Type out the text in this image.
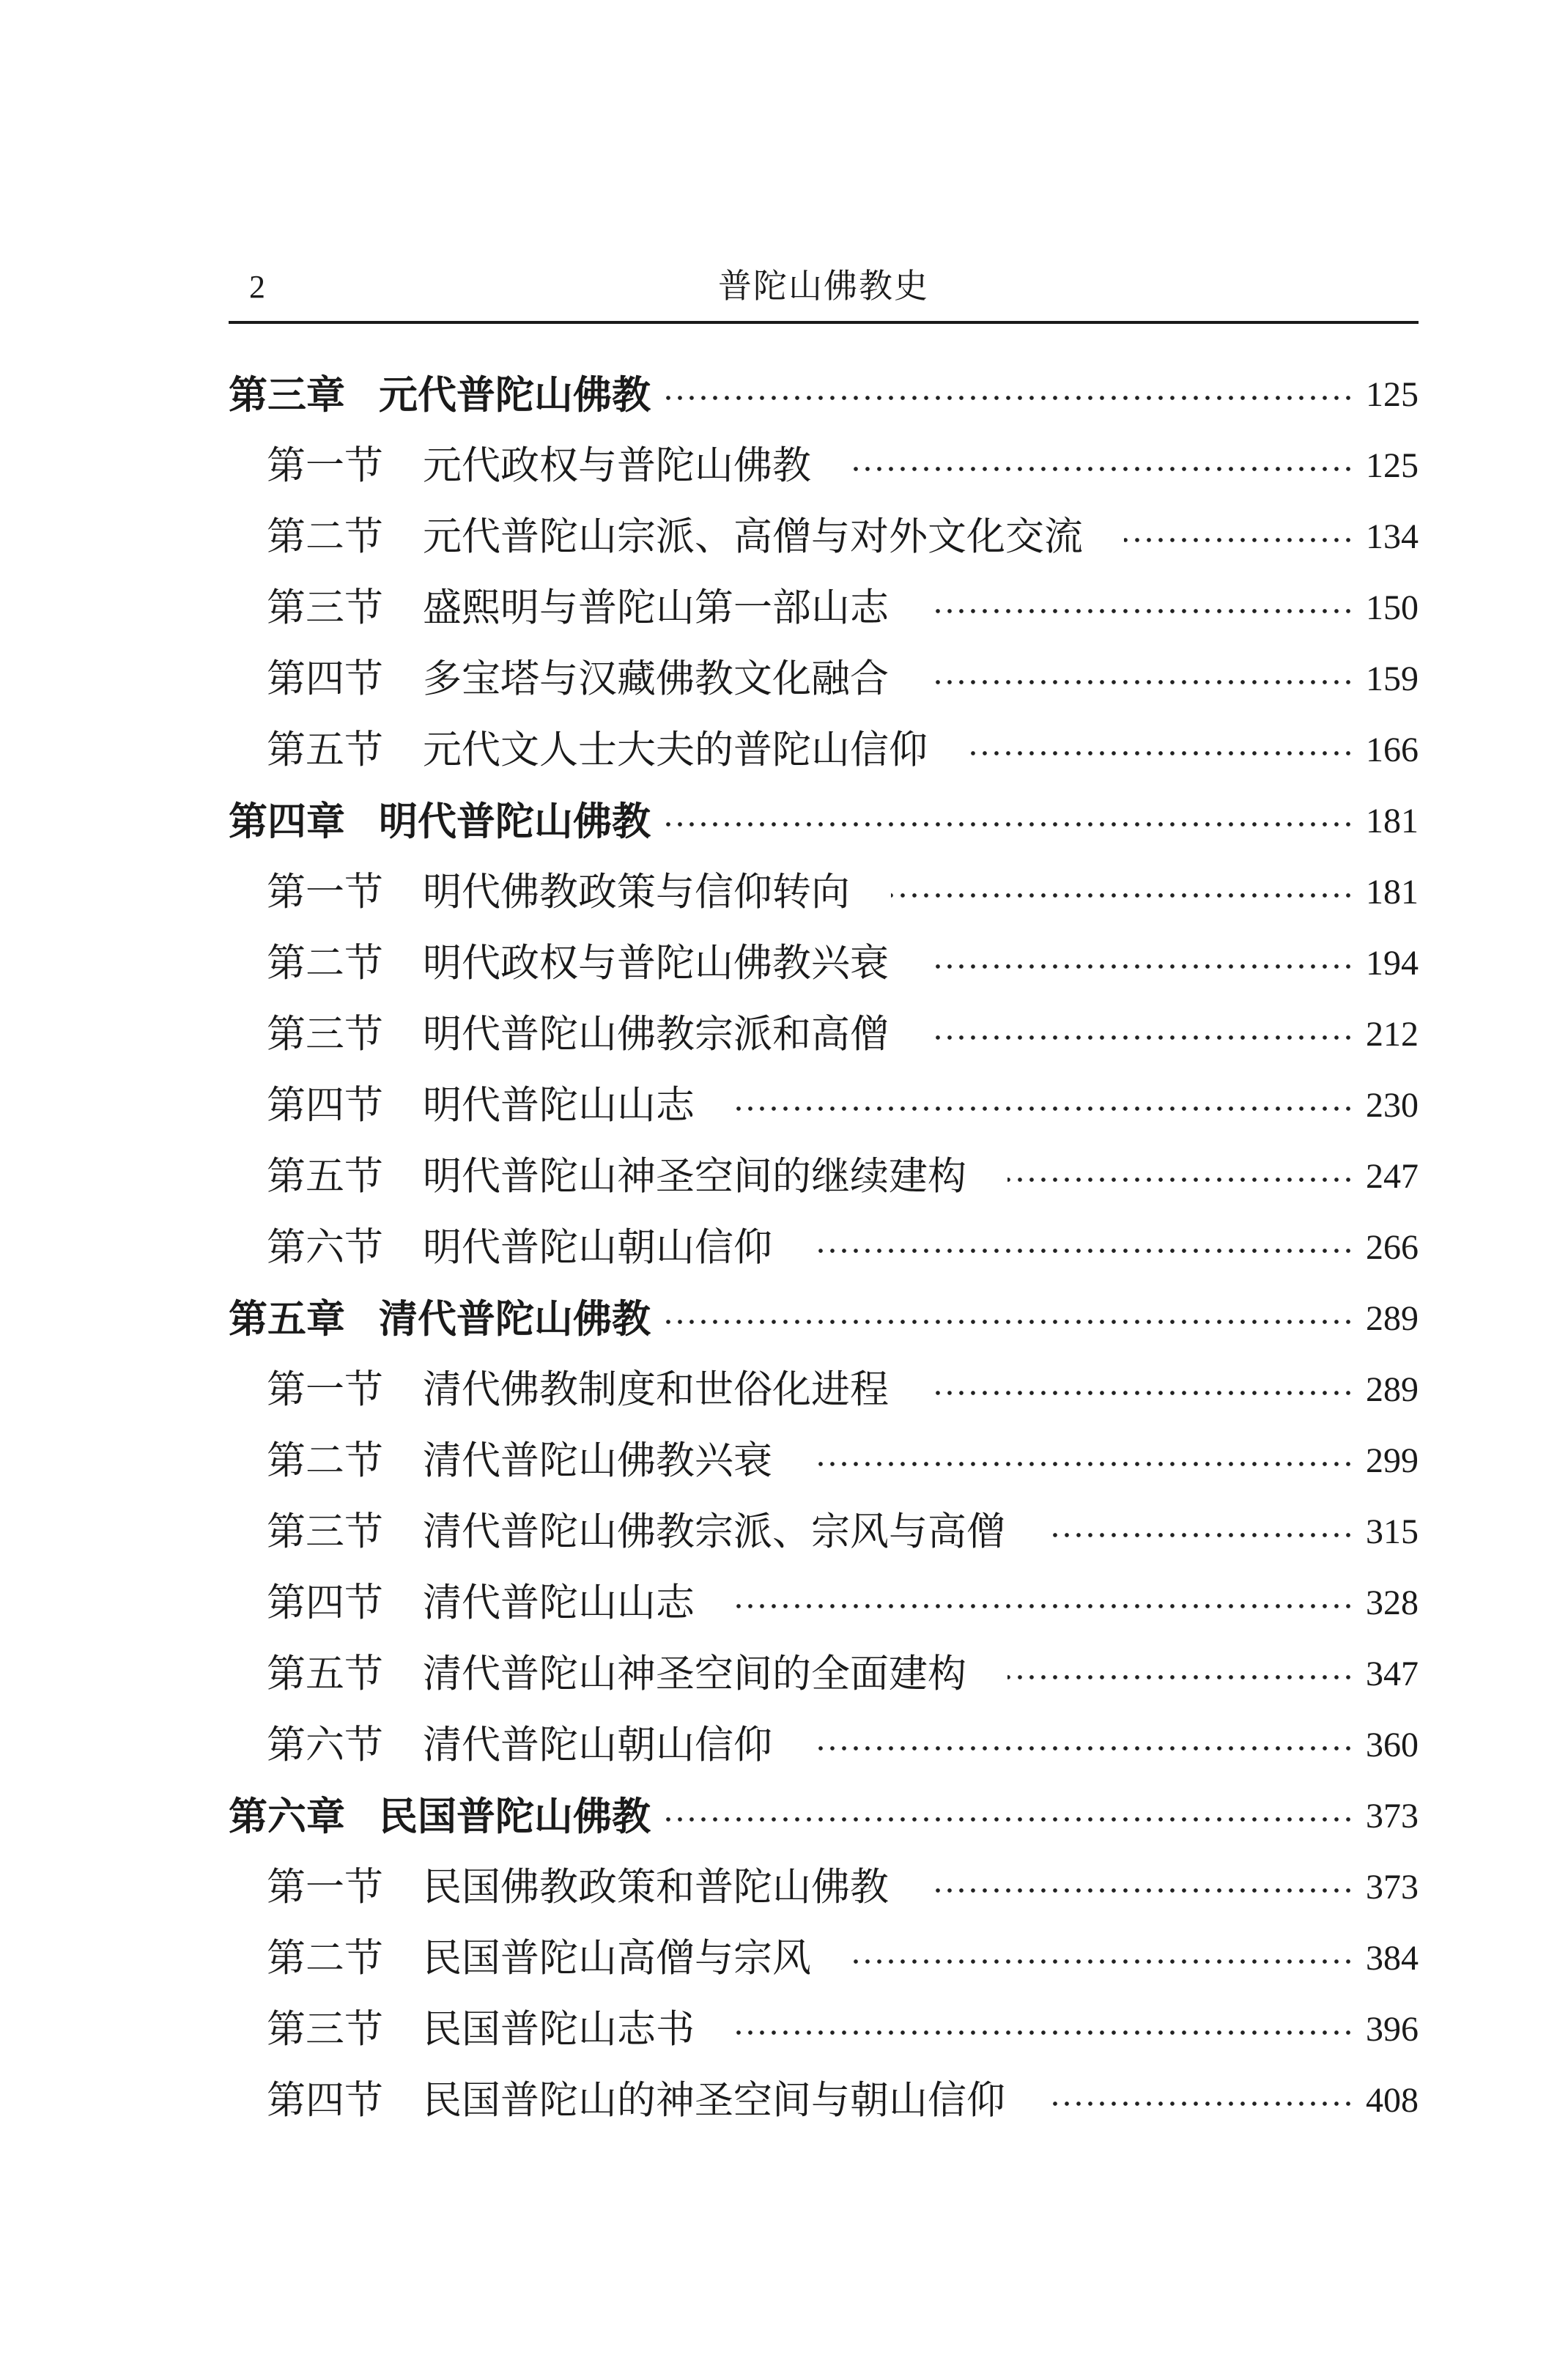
2	普陀山佛教史
第三章 元代普陀山佛教	125
第一节 元代政权与普陀山佛教	125
第二节 元代普陀山宗派、高僧与对外文化交流	134
第三节 盛熙明与普陀山第一部山志	150
第四节 多宝塔与汉藏佛教文化融合	159
第五节 元代文人士大夫的普陀山信仰	166
第四章 明代普陀山佛教	181
第一节 明代佛教政策与信仰转向	181
第二节 明代政权与普陀山佛教兴衰	194
第三节 明代普陀山佛教宗派和高僧	212
第四节 明代普陀山山志	230
第五节 明代普陀山神圣空间的继续建构	247
第六节 明代普陀山朝山信仰	266
第五章 清代普陀山佛教	289
第一节 清代佛教制度和世俗化进程	289
第二节 清代普陀山佛教兴衰	299
第三节 清代普陀山佛教宗派、宗风与高僧	315
第四节 清代普陀山山志	328
第五节 清代普陀山神圣空间的全面建构	347
第六节 清代普陀山朝山信仰	360
第六章 民国普陀山佛教	373
第一节 民国佛教政策和普陀山佛教	373
第二节 民国普陀山高僧与宗风	384
第三节 民国普陀山志书	396
第四节 民国普陀山的神圣空间与朝山信仰	408
